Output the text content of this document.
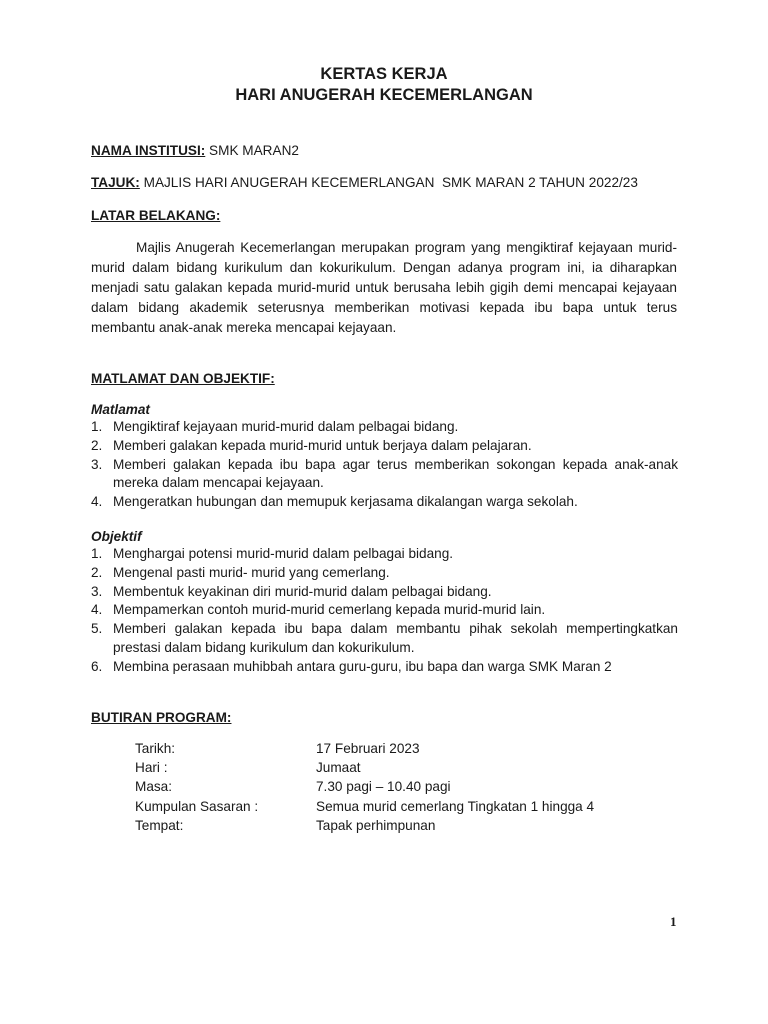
KERTAS KERJA
HARI ANUGERAH KECEMERLANGAN
NAMA INSTITUSI: SMK MARAN2
TAJUK: MAJLIS HARI ANUGERAH KECEMERLANGAN  SMK MARAN 2 TAHUN 2022/23
LATAR BELAKANG:
Majlis Anugerah Kecemerlangan merupakan program yang mengiktiraf kejayaan murid-murid dalam bidang kurikulum dan kokurikulum. Dengan adanya program ini, ia diharapkan menjadi satu galakan kepada murid-murid untuk berusaha lebih gigih demi mencapai kejayaan dalam bidang akademik seterusnya memberikan motivasi kepada ibu bapa untuk terus membantu anak-anak mereka mencapai kejayaan.
MATLAMAT DAN OBJEKTIF:
Matlamat
1. Mengiktiraf kejayaan murid-murid dalam pelbagai bidang.
2. Memberi galakan kepada murid-murid untuk berjaya dalam pelajaran.
3. Memberi galakan kepada ibu bapa agar terus memberikan sokongan kepada anak-anak mereka dalam mencapai kejayaan.
4. Mengeratkan hubungan dan memupuk kerjasama dikalangan warga sekolah.
Objektif
1. Menghargai potensi murid-murid dalam pelbagai bidang.
2. Mengenal pasti murid- murid yang cemerlang.
3. Membentuk keyakinan diri murid-murid dalam pelbagai bidang.
4. Mempamerkan contoh murid-murid cemerlang kepada murid-murid lain.
5. Memberi galakan kepada ibu bapa dalam membantu pihak sekolah mempertingkatkan prestasi dalam bidang kurikulum dan kokurikulum.
6. Membina perasaan muhibbah antara guru-guru, ibu bapa dan warga SMK Maran 2
BUTIRAN PROGRAM:
Tarikh:	17 Februari 2023
Hari :	Jumaat
Masa:	7.30 pagi – 10.40 pagi
Kumpulan Sasaran :	Semua murid cemerlang Tingkatan 1 hingga 4
Tempat:	Tapak perhimpunan
1
